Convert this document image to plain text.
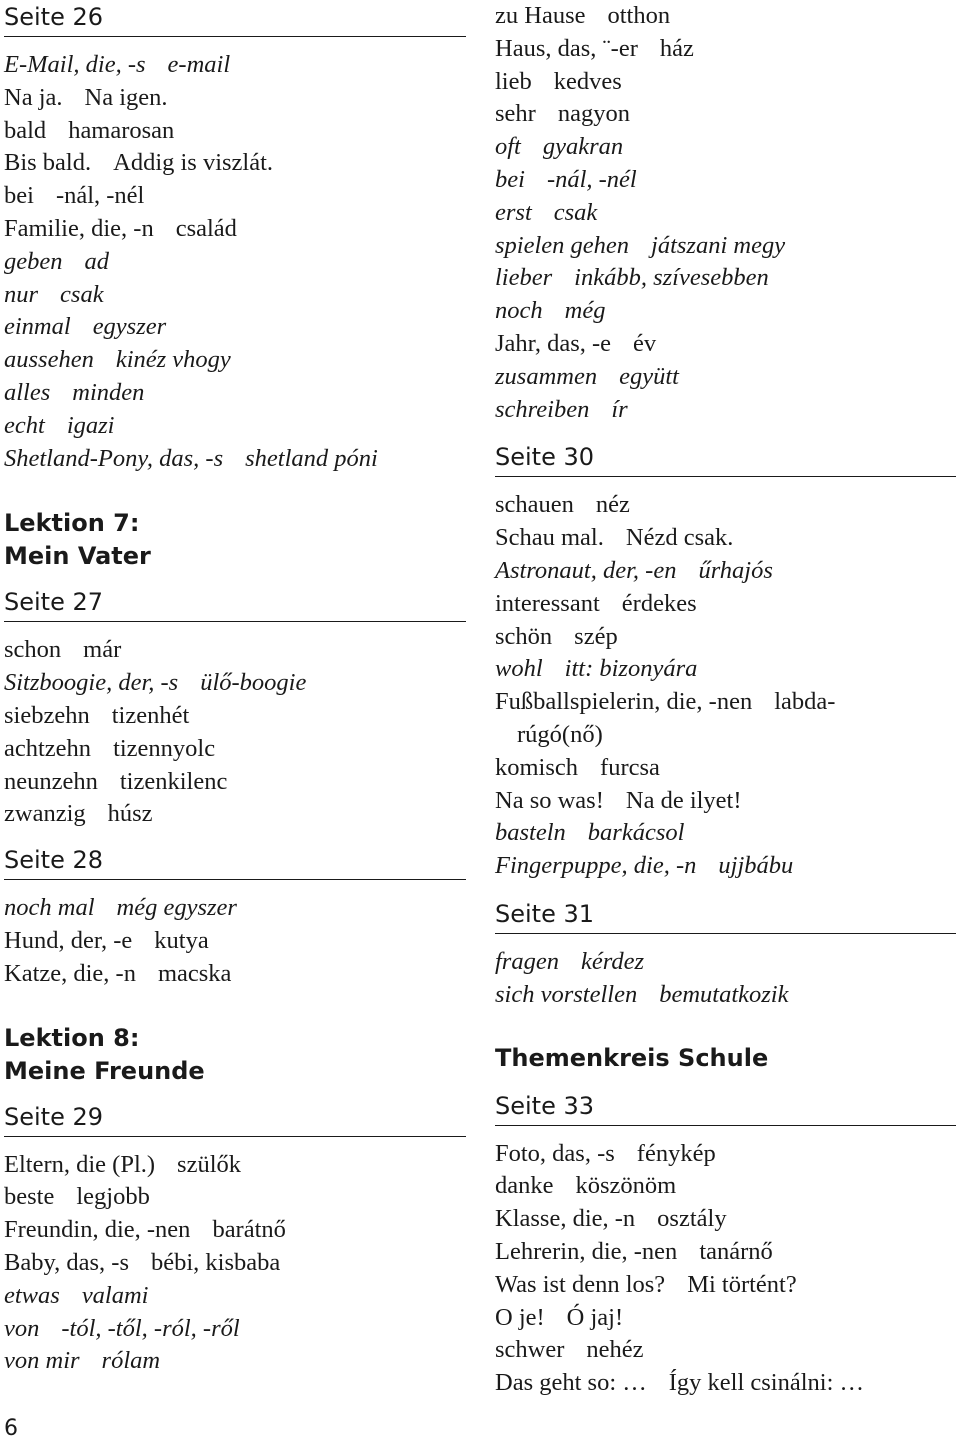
Seite 26

E-Mail, die, -s e-mail

Na ja. Na igen.

bald hamarosan

Bis bald. Addig is viszlát.

bei -nál, -nél

Familie, die, -n család

geben ad

nur csak

einmal egyszer

aussehen kinéz vhogy

alles minden

echt igazi

Shetland-Pony, das, -s shetland póni

Lektion 7:

Mein Vater

Seite 27

schon már

Sitzboogie, der, -s ülő-boogie

siebzehn tizenhét

achtzehn tizennyolc

neunzehn tizenkilenc

zwanzig húsz

Seite 28

noch mal még egyszer

Hund, der, -e kutya

Katze, die, -n macska

Lektion 8:

Meine Freunde

Seite 29

Eltern, die (Pl.) szülők

beste legjobb

Freundin, die, -nen barátnő

Baby, das, -s bébi, kisbaba

etwas valami

von -tól, -től, -ról, -ről

von mir rólam

zu Hause otthon

Haus, das, ¨-er ház

lieb kedves

sehr nagyon

oft gyakran

bei -nál, -nél

erst csak

spielen gehen játszani megy

lieber inkább, szívesebben

noch még

Jahr, das, -e év

zusammen együtt

schreiben ír

Seite 30

schauen néz

Schau mal. Nézd csak.

Astronaut, der, -en űrhajós

interessant érdekes

schön szép

wohl itt: bizonyára

Fußballspielerin, die, -nen labda-

rúgó(nő)

komisch furcsa

Na so was! Na de ilyet!

basteln barkácsol

Fingerpuppe, die, -n ujjbábu

Seite 31

fragen kérdez

sich vorstellen bemutatkozik

Themenkreis Schule

Seite 33

Foto, das, -s fénykép

danke köszönöm

Klasse, die, -n osztály

Lehrerin, die, -nen tanárnő

Was ist denn los? Mi történt?

O je! Ó jaj!

schwer nehéz

Das geht so: … Így kell csinálni: …

6
